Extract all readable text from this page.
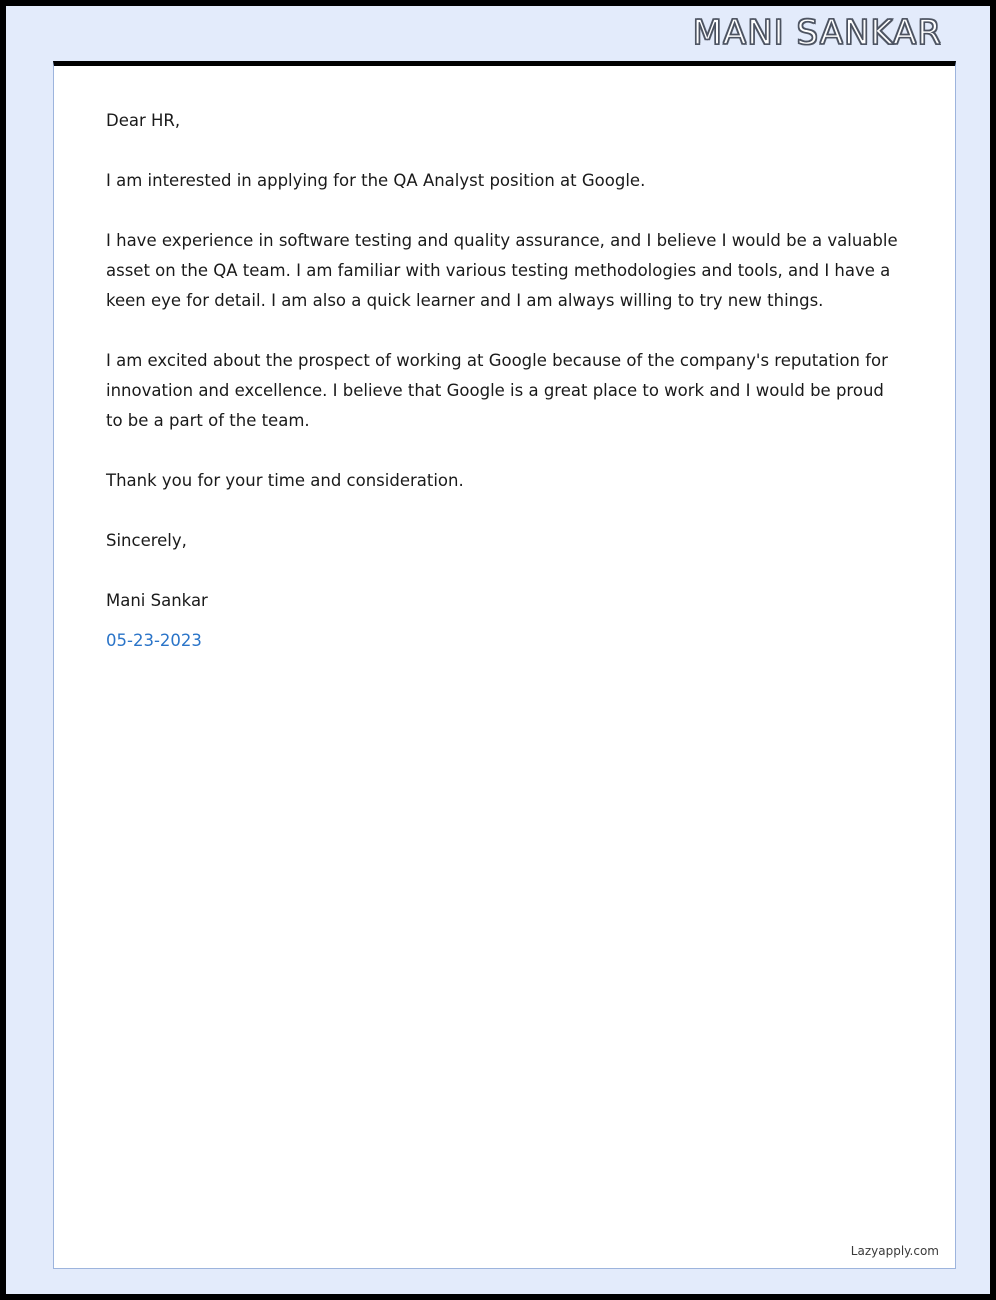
MANI SANKAR

Dear HR,

I am interested in applying for the QA Analyst position at Google.

I have experience in software testing and quality assurance, and I believe I would be a valuable asset on the QA team. I am familiar with various testing methodologies and tools, and I have a keen eye for detail. I am also a quick learner and I am always willing to try new things.

I am excited about the prospect of working at Google because of the company's reputation for innovation and excellence. I believe that Google is a great place to work and I would be proud to be a part of the team.

Thank you for your time and consideration.

Sincerely,

Mani Sankar

05-23-2023

Lazyapply.com
